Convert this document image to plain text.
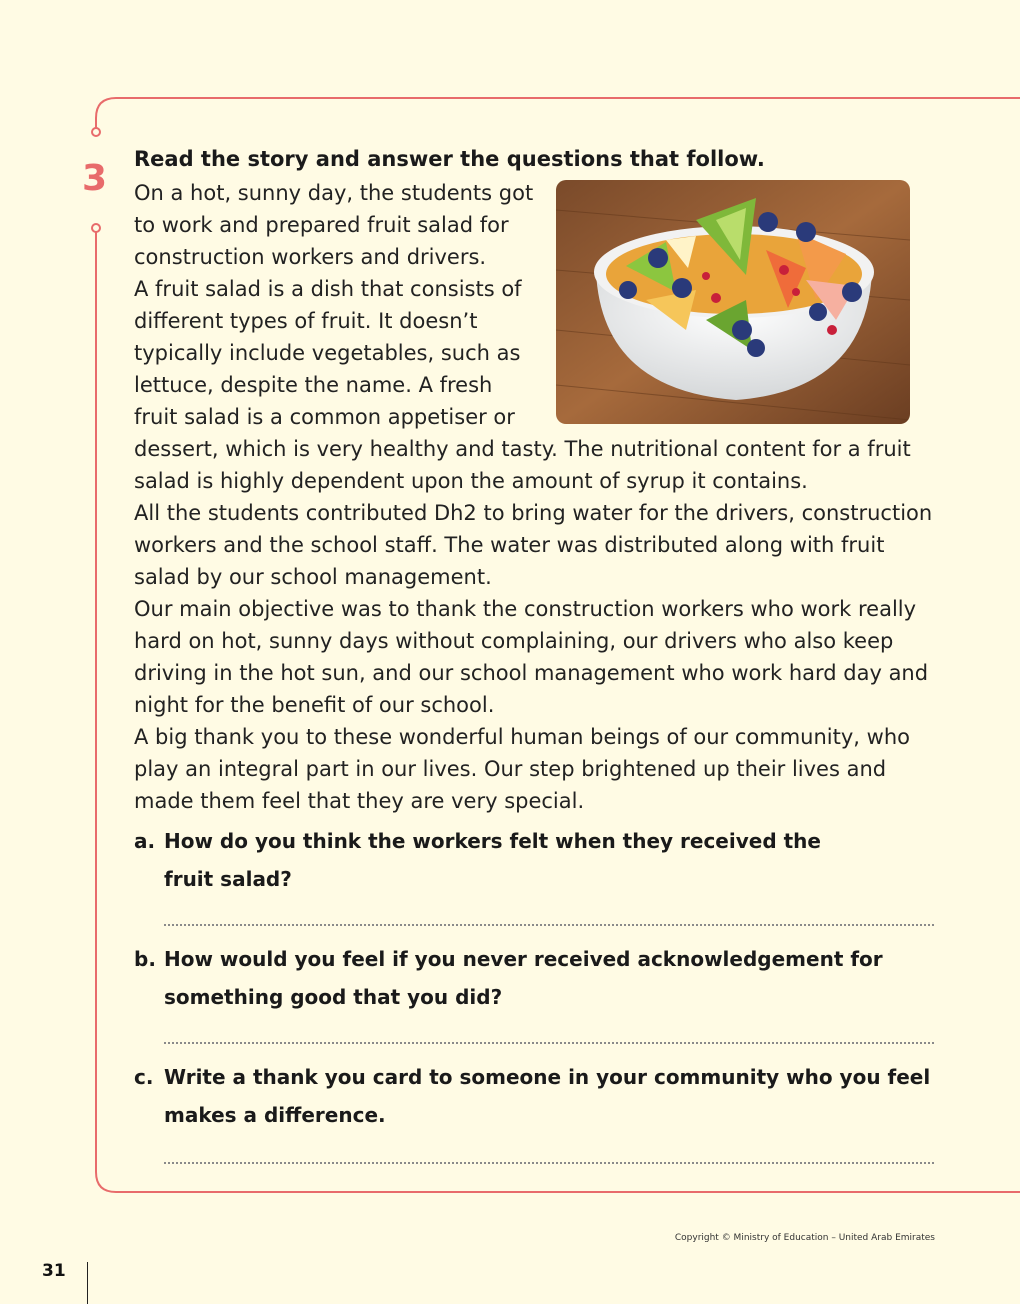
3 Read the story and answer the questions that follow.

On a hot, sunny day, the students got to work and prepared fruit salad for construction workers and drivers.

A fruit salad is a dish that consists of different types of fruit. It doesn’t typically include vegetables, such as lettuce, despite the name. A fresh fruit salad is a common appetiser or dessert, which is very healthy and tasty. The nutritional content for a fruit salad is highly dependent upon the amount of syrup it contains.

All the students contributed Dh2 to bring water for the drivers, construction workers and the school staff. The water was distributed along with fruit salad by our school management.

Our main objective was to thank the construction workers who work really hard on hot, sunny days without complaining, our drivers who also keep driving in the hot sun, and our school management who work hard day and night for the benefit of our school.

A big thank you to these wonderful human beings of our community, who play an integral part in our lives. Our step brightened up their lives and made them feel that they are very special.

a. How do you think the workers felt when they received the fruit salad?
b. How would you feel if you never received acknowledgement for something good that you did?
c. Write a thank you card to someone in your community who you feel makes a difference.
Copyright © Ministry of Education – United Arab Emirates
31
